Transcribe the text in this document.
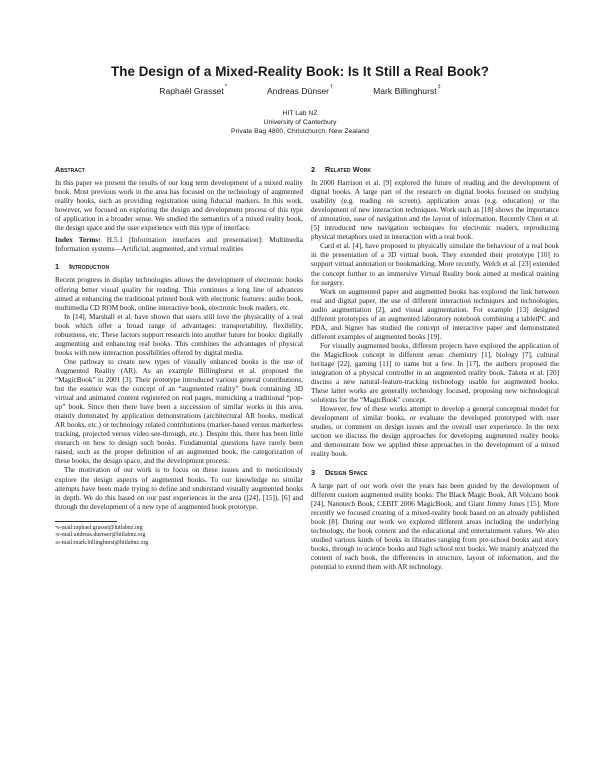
The Design of a Mixed-Reality Book: Is It Still a Real Book?
Raphaël Grasset*	Andreas Dünser†	Mark Billinghurst‡
HIT Lab NZ
University of Canterbury
Private Bag 4800, Christchurch, New Zealand
Abstract

In this paper we present the results of our long term development of a mixed reality book. Most previous work in the area has focused on the technology of augmented reality books, such as providing registration using fiducial markers. In this work, however, we focused on exploring the design and development process of this type of application in a broader sense. We studied the semantics of a mixed reality book, the design space and the user experience with this type of interface.

Index Terms: H.5.1 [Information interfaces and presentation]: Multimedia Information systems—Artificial, augmented, and virtual realities

1 Introduction

Recent progress in display technologies allows the development of electronic books offering better visual quality for reading. This continues a long line of advances aimed at enhancing the traditional printed book with electronic features: audio book, multimedia CD ROM book, online interactive book, electronic book readers, etc.

In [14], Marshall et al. have shown that users still love the physicality of a real book which offer a broad range of advantages: transportability, flexibility, robustness, etc. These factors support research into another future for books: digitally augmenting and enhancing real books. This combines the advantages of physical books with new interaction possibilities offered by digital media.

One pathway to create new types of visually enhanced books is the use of Augmented Reality (AR). As an example Billinghurst et al. proposed the “MagicBook” in 2001 [3]. Their prototype introduced various general contributions, but the essence was the concept of an “augmented reality” book containing 3D virtual and animated content registered on real pages, mimicking a traditional “pop-up” book. Since then there have been a succession of similar works in this area, mainly dominated by application demonstrations (architectural AR books, medical AR books, etc.) or technology related contributions (marker-based versus markerless tracking, projected versus video see-through, etc.). Despite this, there has been little research on how to design such books. Fundamental questions have rarely been raised, such as the proper definition of an augmented book, the categorization of these books, the design space, and the development process.

The motivation of our work is to focus on these issues and to meticulously explore the design aspects of augmented books. To our knowledge no similar attempts have been made trying to define and understand visually augmented books in depth. We do this based on our past experiences in the area ([24], [15]), [6] and through the development of a new type of augmented book prototype.

*e-mail:raphael.grasset@hitlabnz.org
†e-mail:andreas.duenser@hitlabnz.org
‡e-mail:mark.billinghurst@hitlabnz.org
2 Related Work

In 2000 Harrison et al. [9] explored the future of reading and the development of digital books. A large part of the research on digital books focused on studying usability (e.g. reading on screen), application areas (e.g. education) or the development of new interaction techniques. Work such as [18] shows the importance of annotation, ease of navigation and the layout of information. Recently Chen et al. [5] introduced new navigation techniques for electronic readers, reproducing physical metaphors used in interaction with a real book.

Card et al. [4], have proposed to physically simulate the behaviour of a real book in the presentation of a 3D virtual book. They extended their prototype [10] to support virtual annotation or bookmarking. More recently, Welch et al. [23] extended the concept further to an immersive Virtual Reality book aimed at medical training for surgery.

Work on augmented paper and augmented books has explored the link between real and digital paper, the use of different interaction techniques and technologies, audio augmentation [2], and visual augmentation. For example [13] designed different prototypes of an augmented laboratory notebook combining a tabletPC and PDA, and Signer has studied the concept of interactive paper and demonstrated different examples of augmented books [19].

For visually augmented books, different projects have explored the application of the MagicBook concept in different areas: chemistry [1], biology [7], cultural heritage [22], gaming [11] to name but a few. In [17], the authors proposed the integration of a physical controller in an augmented reality book. Taketa et al. [20] discuss a new natural-feature-tracking technology usable for augmented books. These latter works are generally technology focused, proposing new technological solutions for the “MagicBook” concept.

However, few of these works attempt to develop a general conceptual model for development of similar books, or evaluate the developed prototyped with user studies, or comment on design issues and the overall user experience. In the next section we discuss the design approaches for developing augmented reality books and demonstrate how we applied these approaches in the development of a mixed reality book.

3 Design Space

A large part of our work over the years has been guided by the development of different custom augmented reality books: The Black Magic Book, AR Volcano book [24], Nanotech Book, CEBIT 2006 MagicBook, and Giant Jimmy Jones [15]. More recently we focused creating of a mixed-reality book based on an already published book [8]. During our work we explored different areas including the underlying technology, the book content and the educational and entertainment values. We also studied various kinds of books in libraries ranging from pre-school books and story books, through to science books and high school text books. We mainly analyzed the content of each book, the differences in structure, layout of information, and the potential to extend them with AR technology.
